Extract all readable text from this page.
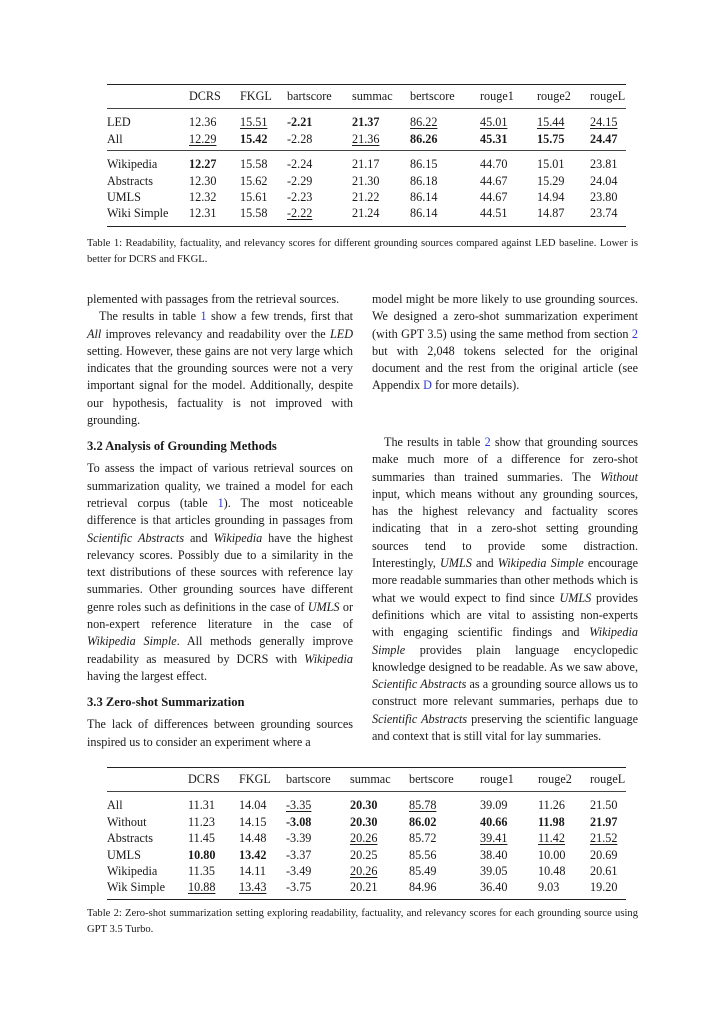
	DCRS	FKGL	bartscore	summac	bertscore	rouge1	rouge2	rougeL
LED	12.36	15.51	-2.21	21.37	86.22	45.01	15.44	24.15
All	12.29	15.42	-2.28	21.36	86.26	45.31	15.75	24.47
Wikipedia	12.27	15.58	-2.24	21.17	86.15	44.70	15.01	23.81
Abstracts	12.30	15.62	-2.29	21.30	86.18	44.67	15.29	24.04
UMLS	12.32	15.61	-2.23	21.22	86.14	44.67	14.94	23.80
Wiki Simple	12.31	15.58	-2.22	21.24	86.14	44.51	14.87	23.74
Table 1: Readability, factuality, and relevancy scores for different grounding sources compared against LED baseline. Lower is better for DCRS and FKGL.

plemented with passages from the retrieval sources.

The results in table 1 show a few trends, first that All improves relevancy and readability over the LED setting. However, these gains are not very large which indicates that the grounding sources were not a very important signal for the model. Additionally, despite our hypothesis, factuality is not improved with grounding.

3.2 Analysis of Grounding Methods

To assess the impact of various retrieval sources on summarization quality, we trained a model for each retrieval corpus (table 1). The most noticeable difference is that articles grounding in passages from Scientific Abstracts and Wikipedia have the highest relevancy scores. Possibly due to a similarity in the text distributions of these sources with reference lay summaries. Other grounding sources have different genre roles such as definitions in the case of UMLS or non-expert reference literature in the case of Wikipedia Simple. All methods generally improve readability as measured by DCRS with Wikipedia having the largest effect.

3.3 Zero-shot Summarization

The lack of differences between grounding sources inspired us to consider an experiment where a

model might be more likely to use grounding sources. We designed a zero-shot summarization experiment (with GPT 3.5) using the same method from section 2 but with 2,048 tokens selected for the original document and the rest from the original article (see Appendix D for more details).

The results in table 2 show that grounding sources make much more of a difference for zero-shot summaries than trained summaries. The Without input, which means without any grounding sources, has the highest relevancy and factuality scores indicating that in a zero-shot setting grounding sources tend to provide some distraction. Interestingly, UMLS and Wikipedia Simple encourage more readable summaries than other methods which is what we would expect to find since UMLS provides definitions which are vital to assisting non-experts with engaging scientific findings and Wikipedia Simple provides plain language encyclopedic knowledge designed to be readable. As we saw above, Scientific Abstracts as a grounding source allows us to construct more relevant summaries, perhaps due to Scientific Abstracts preserving the scientific language and context that is still vital for lay summaries.

	DCRS	FKGL	bartscore	summac	bertscore	rouge1	rouge2	rougeL
All	11.31	14.04	-3.35	20.30	85.78	39.09	11.26	21.50
Without	11.23	14.15	-3.08	20.30	86.02	40.66	11.98	21.97
Abstracts	11.45	14.48	-3.39	20.26	85.72	39.41	11.42	21.52
UMLS	10.80	13.42	-3.37	20.25	85.56	38.40	10.00	20.69
Wikipedia	11.35	14.11	-3.49	20.26	85.49	39.05	10.48	20.61
Wik Simple	10.88	13.43	-3.75	20.21	84.96	36.40	9.03	19.20
Table 2: Zero-shot summarization setting exploring readability, factuality, and relevancy scores for each grounding source using GPT 3.5 Turbo.
